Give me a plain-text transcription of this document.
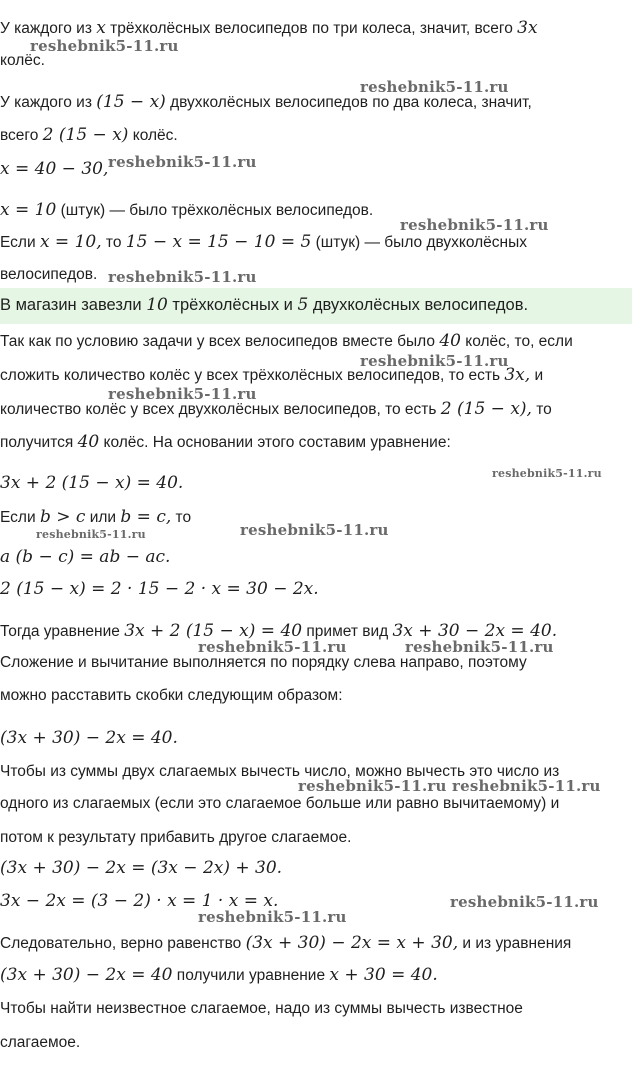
У каждого из x трёхколёсных велосипедов по три колеса, значит, всего 3x
колёс.
У каждого из (15 − x) двухколёсных велосипедов по два колеса, значит,
всего 2 (15 − x) колёс.
x = 40 − 30,
x = 10 (штук) — было трёхколёсных велосипедов.
Если x = 10, то 15 − x = 15 − 10 = 5 (штук) — было двухколёсных
велосипедов.
В магазин завезли 10 трёхколёсных и 5 двухколёсных велосипедов.
Так как по условию задачи у всех велосипедов вместе было 40 колёс, то, если
сложить количество колёс у всех трёхколёсных велосипедов, то есть 3x, и
количество колёс у всех двухколёсных велосипедов, то есть 2 (15 − x), то
получится 40 колёс. На основании этого составим уравнение:
3x + 2 (15 − x) = 40.
Если b > c или b = c, то
a (b − c) = ab − ac.
2 (15 − x) = 2 · 15 − 2 · x = 30 − 2x.
Тогда уравнение 3x + 2 (15 − x) = 40 примет вид 3x + 30 − 2x = 40.
Сложение и вычитание выполняется по порядку слева направо, поэтому
можно расставить скобки следующим образом:
(3x + 30) − 2x = 40.
Чтобы из суммы двух слагаемых вычесть число, можно вычесть это число из
одного из слагаемых (если это слагаемое больше или равно вычитаемому) и
потом к результату прибавить другое слагаемое.
(3x + 30) − 2x = (3x − 2x) + 30.
3x − 2x = (3 − 2) · x = 1 · x = x.
Следовательно, верно равенство (3x + 30) − 2x = x + 30, и из уравнения
(3x + 30) − 2x = 40 получили уравнение x + 30 = 40.
Чтобы найти неизвестное слагаемое, надо из суммы вычесть известное
слагаемое.
reshebnik5-11.ru
reshebnik5-11.ru
reshebnik5-11.ru
reshebnik5-11.ru
reshebnik5-11.ru
reshebnik5-11.ru
reshebnik5-11.ru
reshebnik5-11.ru
reshebnik5-11.ru	reshebnik5-11.ru
reshebnik5-11.ru	reshebnik5-11.ru
reshebnik5-11.ru reshebnik5-11.ru
reshebnik5-11.ru
reshebnik5-11.ru
